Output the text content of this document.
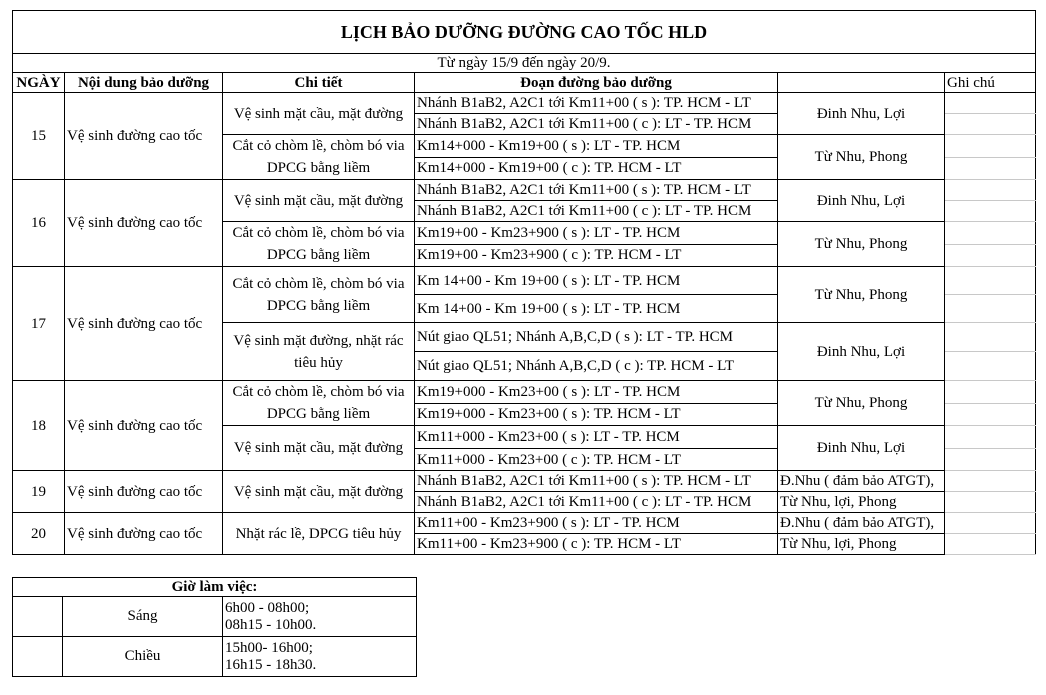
LỊCH BẢO DƯỠNG ĐƯỜNG CAO TỐC HLD					
Từ ngày 15/9 đến ngày 20/9.					
NGÀY	Nội dung bảo dưỡng	Chi tiết	Đoạn đường bảo dưỡng		Ghi chú
15	Vệ sinh đường cao tốc	Vệ sinh mặt cầu, mặt đường	Nhánh B1aB2, A2C1 tới Km11+00 ( s ): TP. HCM - LT	Đinh Nhu, Lợi	
			Nhánh B1aB2, A2C1 tới Km11+00 ( c ): LT - TP. HCM		
		Cắt cỏ chòm lề, chòm bó via DPCG bằng liềm	Km14+000 - Km19+00 ( s ): LT - TP. HCM	Từ Nhu, Phong	
			Km14+000 - Km19+00 ( c ): TP. HCM - LT		
16	Vệ sinh đường cao tốc	Vệ sinh mặt cầu, mặt đường	Nhánh B1aB2, A2C1 tới Km11+00 ( s ): TP. HCM - LT	Đinh Nhu, Lợi	
			Nhánh B1aB2, A2C1 tới Km11+00 ( c ): LT - TP. HCM		
		Cắt cỏ chòm lề, chòm bó via DPCG bằng liềm	Km19+00 - Km23+900 ( s ): LT - TP. HCM	Từ Nhu, Phong	
			Km19+00 - Km23+900 ( c ): TP. HCM - LT		
17	Vệ sinh đường cao tốc	Cắt cỏ chòm lề, chòm bó via DPCG bằng liềm	Km 14+00 - Km 19+00 ( s ): LT - TP. HCM	Từ Nhu, Phong	
			Km 14+00 - Km 19+00 ( s ): LT - TP. HCM		
		Vệ sinh mặt đường, nhặt rác tiêu hủy	Nút giao QL51; Nhánh A,B,C,D ( s ): LT - TP. HCM	Đinh Nhu, Lợi	
			Nút giao QL51; Nhánh A,B,C,D ( c ): TP. HCM - LT		
18	Vệ sinh đường cao tốc	Cắt cỏ chòm lề, chòm bó via DPCG bằng liềm	Km19+000 - Km23+00 ( s ): LT - TP. HCM	Từ Nhu, Phong	
			Km19+000 - Km23+00 ( s ): TP. HCM - LT		
		Vệ sinh mặt cầu, mặt đường	Km11+000 - Km23+00 ( s ): LT - TP. HCM	Đinh Nhu, Lợi	
			Km11+000 - Km23+00 ( c ): TP. HCM - LT		
19	Vệ sinh đường cao tốc	Vệ sinh mặt cầu, mặt đường	Nhánh B1aB2, A2C1 tới Km11+00 ( s ): TP. HCM - LT	Đ.Nhu ( đảm bảo ATGT),	
			Nhánh B1aB2, A2C1 tới Km11+00 ( c ): LT - TP. HCM	Từ Nhu, lợi, Phong	
20	Vệ sinh đường cao tốc	Nhặt rác lề, DPCG tiêu hủy	Km11+00 - Km23+900 ( s ): LT - TP. HCM	Đ.Nhu ( đảm bảo ATGT),	
			Km11+00 - Km23+900 ( c ): TP. HCM - LT	Từ Nhu, lợi, Phong	
Giờ làm việc:		
	Sáng	6h00 - 08h00;
08h15 - 10h00.

	Chiều	15h00- 16h00;
16h15 - 18h30.
